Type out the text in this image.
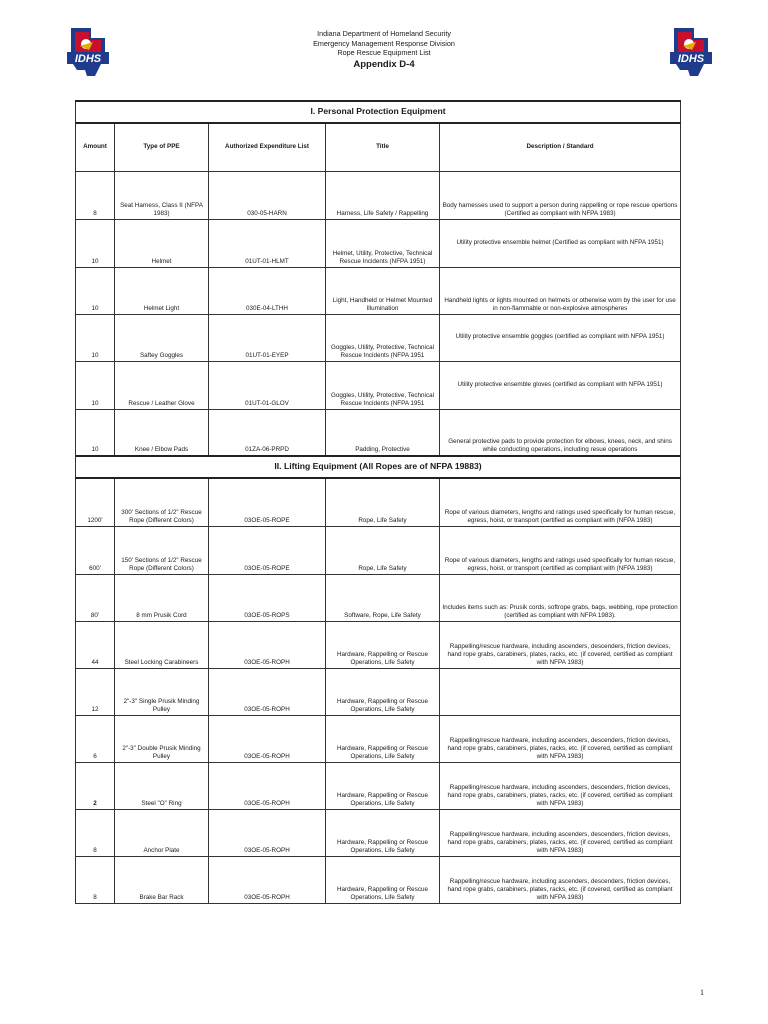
IDHS	IDHS
Indiana Department of Homeland Security
Emergency Management Response Division
Rope Rescue Equipment List
Appendix D-4
I. Personal Protection Equipment				
Amount	Type of PPE	Authorized Expenditure List	Title	Description / Standard
8	Seat Harness, Class II (NFPA 1983)	030-05-HARN	Harness, Life Safety / Rappelling	Body harnesses used to support a person during rappelling or rope rescue opertions (Certified as compliant with NFPA 1983)
10	Helmet	01UT-01-HLMT	Helmet, Utility, Protective, Technical Rescue Incidents (NFPA 1951)	Utility protective ensemble helmet (Certified as compliant with NFPA 1951)
10	Helmet Light	030E-04-LTHH	Light, Handheld or Helmet Mounted Illumination	Handheld lights or lights mounted on helmets or otherwise worn by the user for use in non-flammable or non-explosive atmospheres
10	Saftey Goggles	01UT-01-EYEP	Goggles, Utility, Protective, Technical Rescue Incidents (NFPA 1951	Utility protective ensemble goggles (certified as compliant with NFPA 1951)
10	Rescue / Leather Glove	01UT-01-GLOV	Goggles, Utility, Protective, Technical Rescue Incidents (NFPA 1951	Utility protective ensemble gloves (certified as compliant with NFPA 1951)
10	Knee / Elbow Pads	01ZA-06-PRPD	Padding, Protective	General protective pads to provide protection for elbows, knees, neck, and shins while conducting operations, including resue operations
II. Lifting Equipment (All Ropes are of NFPA 19883)				
1200'	300' Sections of 1/2" Rescue Rope (Different Colors)	03OE-05-ROPE	Rope, Life Safety	Rope of various diameters, lengths and ratings used specifically for human rescue, egress, hoist, or transport (certified as compliant with (NFPA 1983)
600'	150' Sections of 1/2" Rescue Rope (Different Colors)	03OE-05-ROPE	Rope, Life Safety	Rope of various diameters, lengths and ratings used specifically for human rescue, egress, hoist, or transport (certified as compliant with (NFPA 1983)
80'	8 mm Prusik Cord	03OE-05-ROPS	Software, Rope, Life Safety	Includes items such as: Prusik cords, softrope grabs, bags, webbing, rope protection (certified as compliant with NFPA 1983).
44	Steel Locking Carabineers	03OE-05-ROPH	Hardware, Rappelling or Rescue Operations, Life Safety	Rappelling/rescue hardware, including ascenders, descenders, friction devices, hand rope grabs, carabiners, plates, racks, etc. (if covered, certified as compliant with NFPA 1983)
12	2"-3" Single Prusik Minding Pulley	03OE-05-ROPH	Hardware, Rappelling or Rescue Operations, Life Safety	
6	2"-3" Double Prusik Minding Pulley	03OE-05-ROPH	Hardware, Rappelling or Rescue Operations, Life Safety	Rappelling/rescue hardware, including ascenders, descenders, friction devices, hand rope grabs, carabiners, plates, racks, etc. (if covered, certified as compliant with NFPA 1983)
2	Steel "O" Ring	03OE-05-ROPH	Hardware, Rappelling or Rescue Operations, Life Safety	Rappelling/rescue hardware, including ascenders, descenders, friction devices, hand rope grabs, carabiners, plates, racks, etc. (if covered, certified as compliant with NFPA 1983)
8	Anchor Plate	03OE-05-ROPH	Hardware, Rappelling or Rescue Operations, Life Safety	Rappelling/rescue hardware, including ascenders, descenders, friction devices, hand rope grabs, carabiners, plates, racks, etc. (if covered, certified as compliant with NFPA 1983)
8	Brake Bar Rack	03OE-05-ROPH	Hardware, Rappelling or Rescue Operations, Life Safety	Rappelling/rescue hardware, including ascenders, descenders, friction devices, hand rope grabs, carabiners, plates, racks, etc. (if covered, certified as compliant with NFPA 1983)
1
